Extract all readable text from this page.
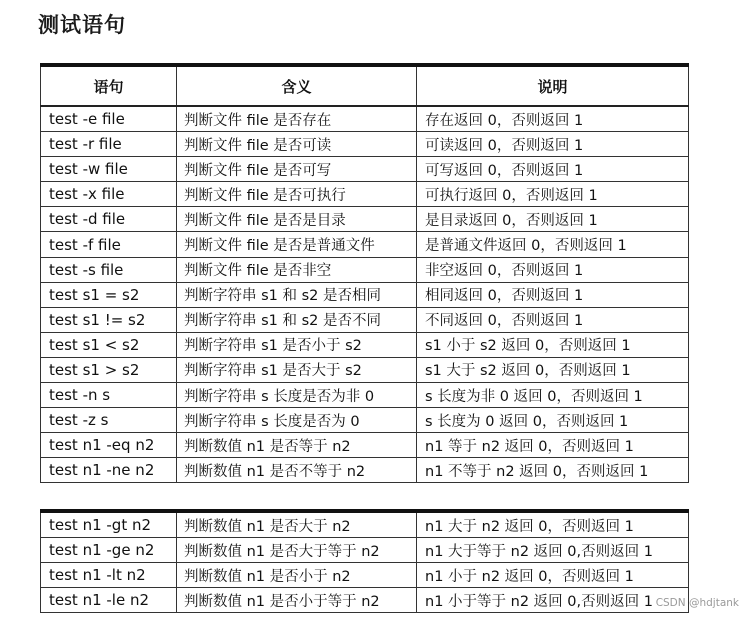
测试语句
语句	含义	说明
test -e file	判断文件 file 是否存在	存在返回 0，否则返回 1
test -r file	判断文件 file 是否可读	可读返回 0，否则返回 1
test -w file	判断文件 file 是否可写	可写返回 0，否则返回 1
test -x file	判断文件 file 是否可执行	可执行返回 0，否则返回 1
test -d file	判断文件 file 是否是目录	是目录返回 0，否则返回 1
test -f file	判断文件 file 是否是普通文件	是普通文件返回 0，否则返回 1
test -s file	判断文件 file 是否非空	非空返回 0，否则返回 1
test s1 = s2	判断字符串 s1 和 s2 是否相同	相同返回 0，否则返回 1
test s1 != s2	判断字符串 s1 和 s2 是否不同	不同返回 0，否则返回 1
test s1 < s2	判断字符串 s1 是否小于 s2	s1 小于 s2 返回 0，否则返回 1
test s1 > s2	判断字符串 s1 是否大于 s2	s1 大于 s2 返回 0，否则返回 1
test -n s	判断字符串 s 长度是否为非 0	s 长度为非 0 返回 0，否则返回 1
test -z s	判断字符串 s 长度是否为 0	s 长度为 0 返回 0，否则返回 1
test n1 -eq n2	判断数值 n1 是否等于 n2	n1 等于 n2 返回 0，否则返回 1
test n1 -ne n2	判断数值 n1 是否不等于 n2	n1 不等于 n2 返回 0，否则返回 1
test n1 -gt n2	判断数值 n1 是否大于 n2	n1 大于 n2 返回 0，否则返回 1
test n1 -ge n2	判断数值 n1 是否大于等于 n2	n1 大于等于 n2 返回 0,否则返回 1
test n1 -lt n2	判断数值 n1 是否小于 n2	n1 小于 n2 返回 0，否则返回 1
test n1 -le n2	判断数值 n1 是否小于等于 n2	n1 小于等于 n2 返回 0,否则返回 1 CSDN @hdjtank
